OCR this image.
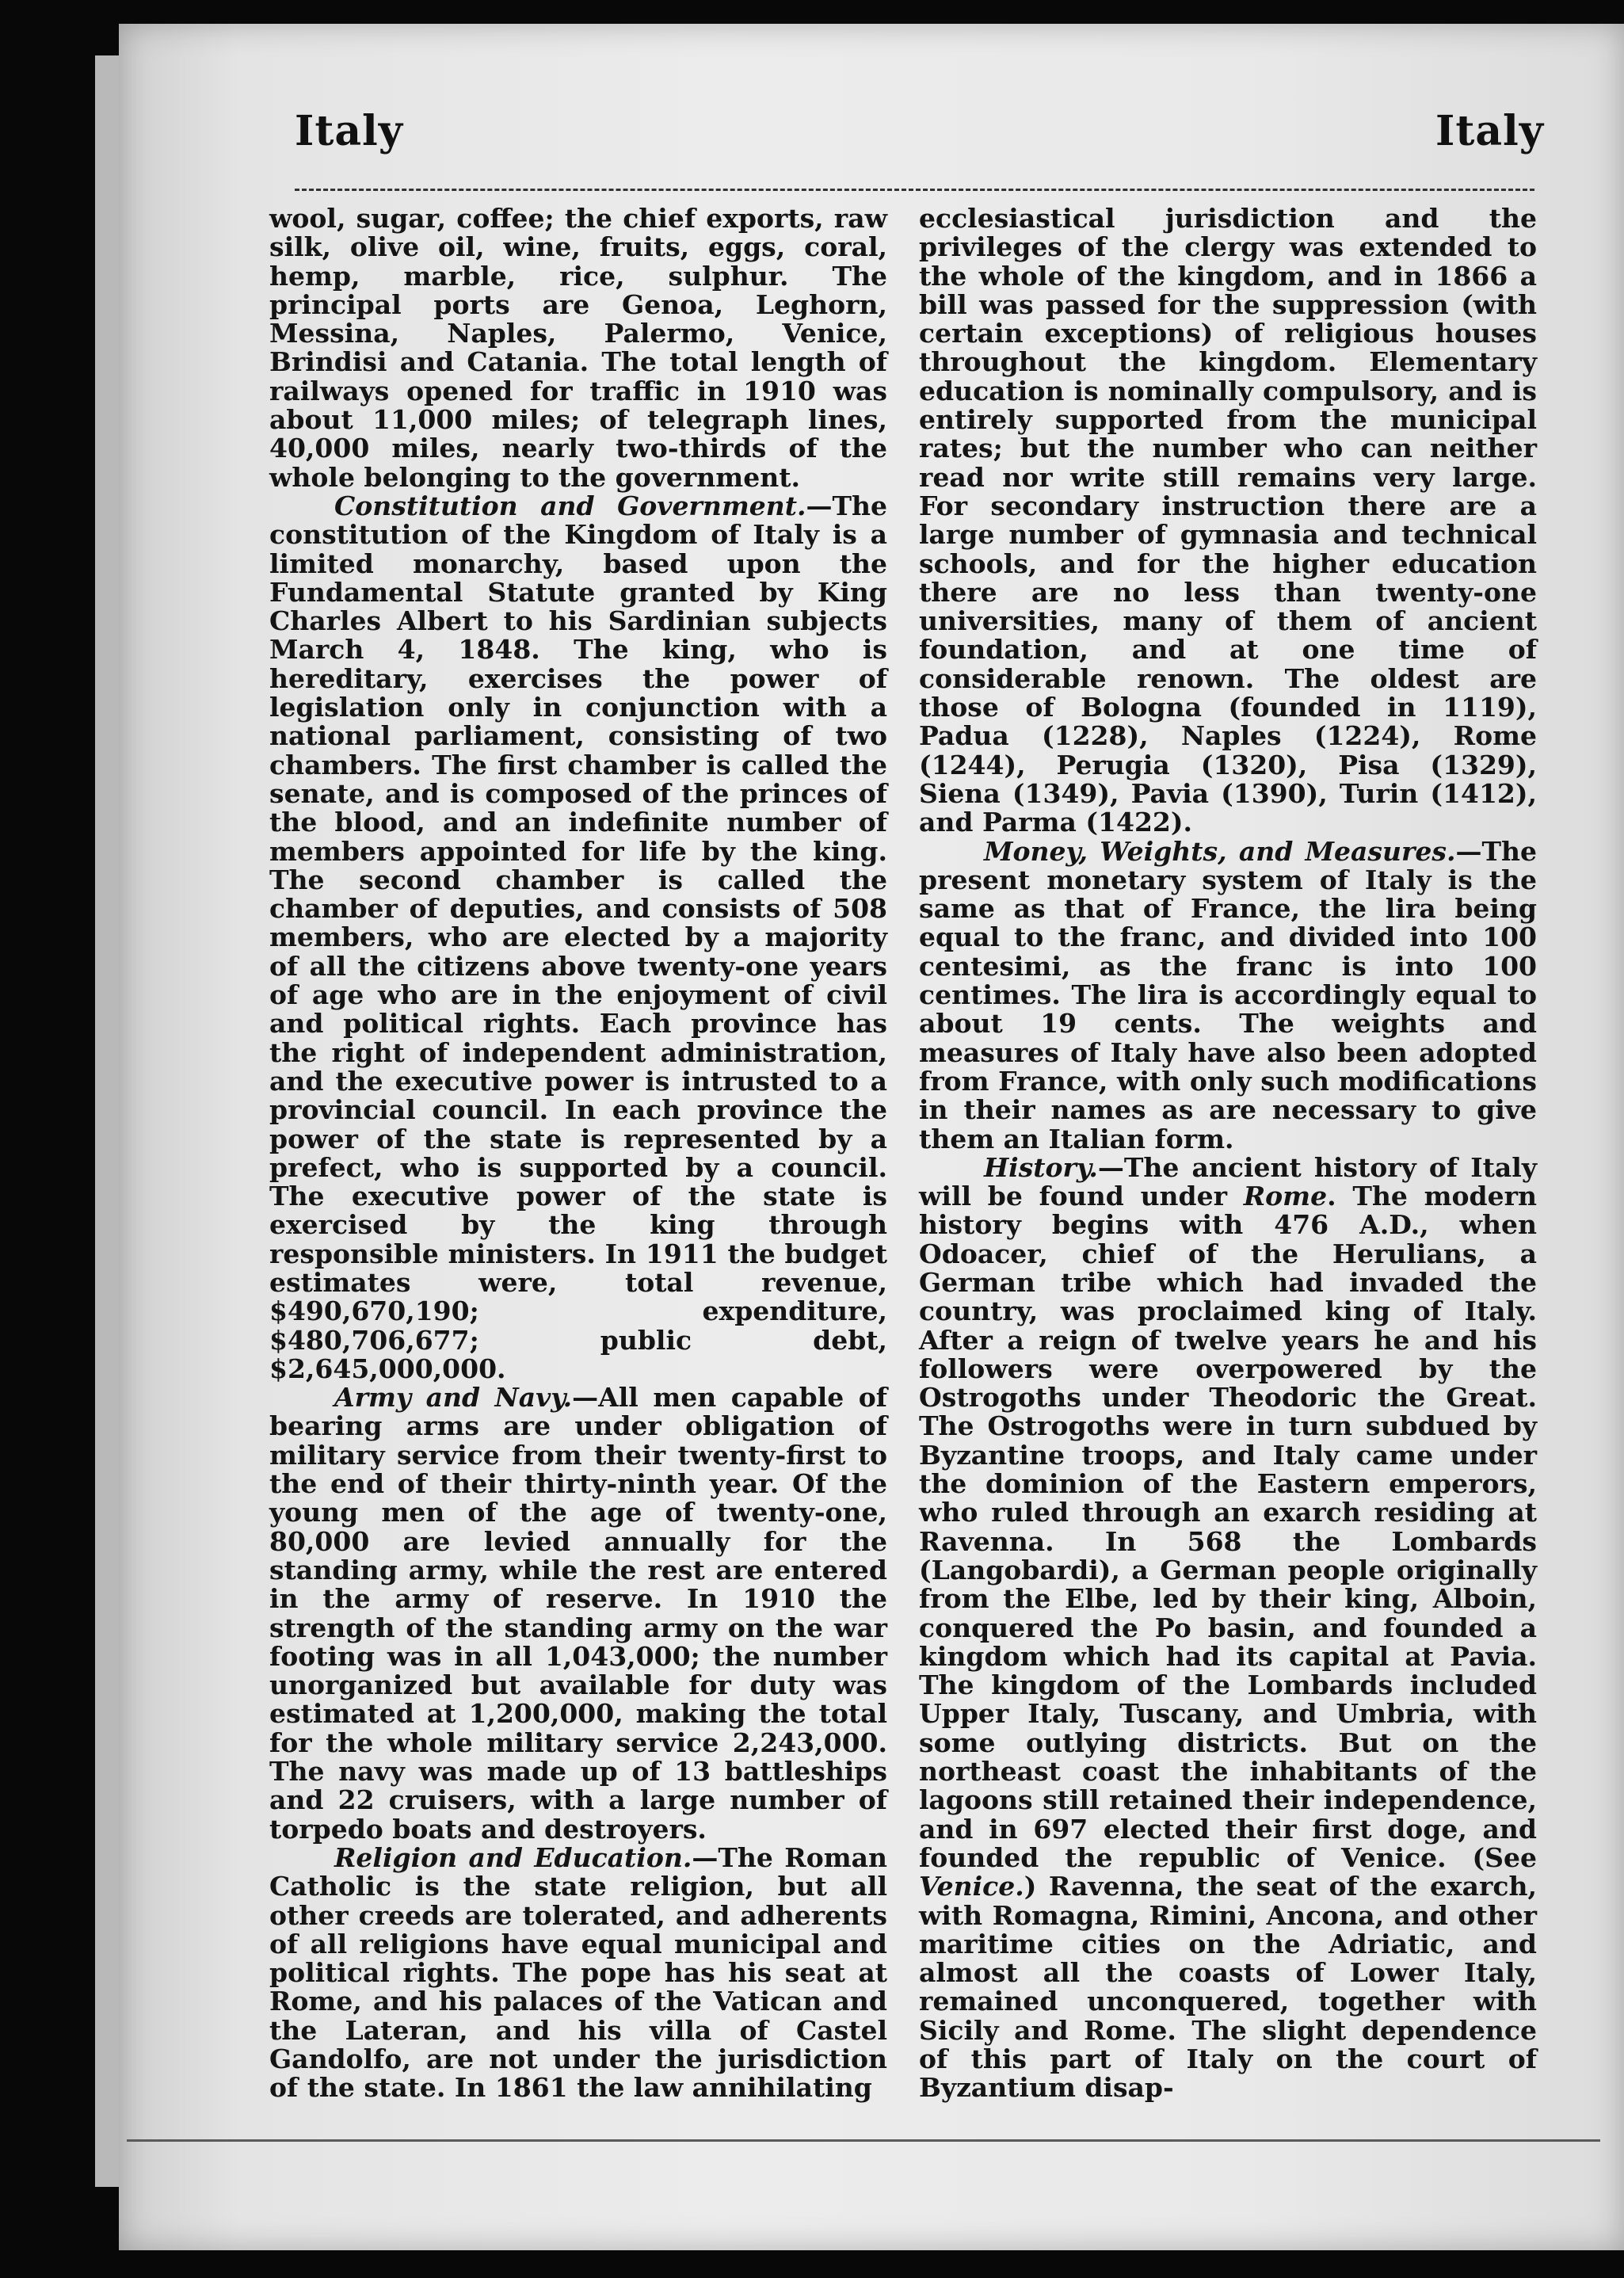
Italy	Italy

wool, sugar, coffee; the chief exports, raw silk, olive oil, wine, fruits, eggs, coral, hemp, marble, rice, sulphur. The principal ports are Genoa, Leghorn, Messina, Naples, Palermo, Venice, Brindisi and Catania. The total length of railways opened for traffic in 1910 was about 11,000 miles; of telegraph lines, 40,000 miles, nearly two-thirds of the whole belonging to the government.

Constitution and Government.—The constitution of the Kingdom of Italy is a limited monarchy, based upon the Fundamental Statute granted by King Charles Albert to his Sardinian subjects March 4, 1848. The king, who is hereditary, exercises the power of legislation only in conjunction with a national parliament, consisting of two chambers. The first chamber is called the senate, and is composed of the princes of the blood, and an indefinite number of members appointed for life by the king. The second chamber is called the chamber of deputies, and consists of 508 members, who are elected by a majority of all the citizens above twenty-one years of age who are in the enjoyment of civil and political rights. Each province has the right of independent administration, and the executive power is intrusted to a provincial council. In each province the power of the state is represented by a prefect, who is supported by a council. The executive power of the state is exercised by the king through responsible ministers. In 1911 the budget estimates were, total revenue, $490,670,190; expenditure, $480,706,677; public debt, $2,645,000,000.

Army and Navy.—All men capable of bearing arms are under obligation of military service from their twenty-first to the end of their thirty-ninth year. Of the young men of the age of twenty-one, 80,000 are levied annually for the standing army, while the rest are entered in the army of reserve. In 1910 the strength of the standing army on the war footing was in all 1,043,000; the number unorganized but available for duty was estimated at 1,200,000, making the total for the whole military service 2,243,000. The navy was made up of 13 battleships and 22 cruisers, with a large number of torpedo boats and destroyers.

Religion and Education.—The Roman Catholic is the state religion, but all other creeds are tolerated, and adherents of all religions have equal municipal and political rights. The pope has his seat at Rome, and his palaces of the Vatican and the Lateran, and his villa of Castel Gandolfo, are not under the jurisdiction of the state. In 1861 the law annihilating

ecclesiastical jurisdiction and the privileges of the clergy was extended to the whole of the kingdom, and in 1866 a bill was passed for the suppression (with certain exceptions) of religious houses throughout the kingdom. Elementary education is nominally compulsory, and is entirely supported from the municipal rates; but the number who can neither read nor write still remains very large. For secondary instruction there are a large number of gymnasia and technical schools, and for the higher education there are no less than twenty-one universities, many of them of ancient foundation, and at one time of considerable renown. The oldest are those of Bologna (founded in 1119), Padua (1228), Naples (1224), Rome (1244), Perugia (1320), Pisa (1329), Siena (1349), Pavia (1390), Turin (1412), and Parma (1422).

Money, Weights, and Measures.—The present monetary system of Italy is the same as that of France, the lira being equal to the franc, and divided into 100 centesimi, as the franc is into 100 centimes. The lira is accordingly equal to about 19 cents. The weights and measures of Italy have also been adopted from France, with only such modifications in their names as are necessary to give them an Italian form.

History.—The ancient history of Italy will be found under Rome. The modern history begins with 476 A.D., when Odoacer, chief of the Herulians, a German tribe which had invaded the country, was proclaimed king of Italy. After a reign of twelve years he and his followers were overpowered by the Ostrogoths under Theodoric the Great. The Ostrogoths were in turn subdued by Byzantine troops, and Italy came under the dominion of the Eastern emperors, who ruled through an exarch residing at Ravenna. In 568 the Lombards (Langobardi), a German people originally from the Elbe, led by their king, Alboin, conquered the Po basin, and founded a kingdom which had its capital at Pavia. The kingdom of the Lombards included Upper Italy, Tuscany, and Umbria, with some outlying districts. But on the northeast coast the inhabitants of the lagoons still retained their independence, and in 697 elected their first doge, and founded the republic of Venice. (See Venice.) Ravenna, the seat of the exarch, with Romagna, Rimini, Ancona, and other maritime cities on the Adriatic, and almost all the coasts of Lower Italy, remained unconquered, together with Sicily and Rome. The slight dependence of this part of Italy on the court of Byzantium disap-
